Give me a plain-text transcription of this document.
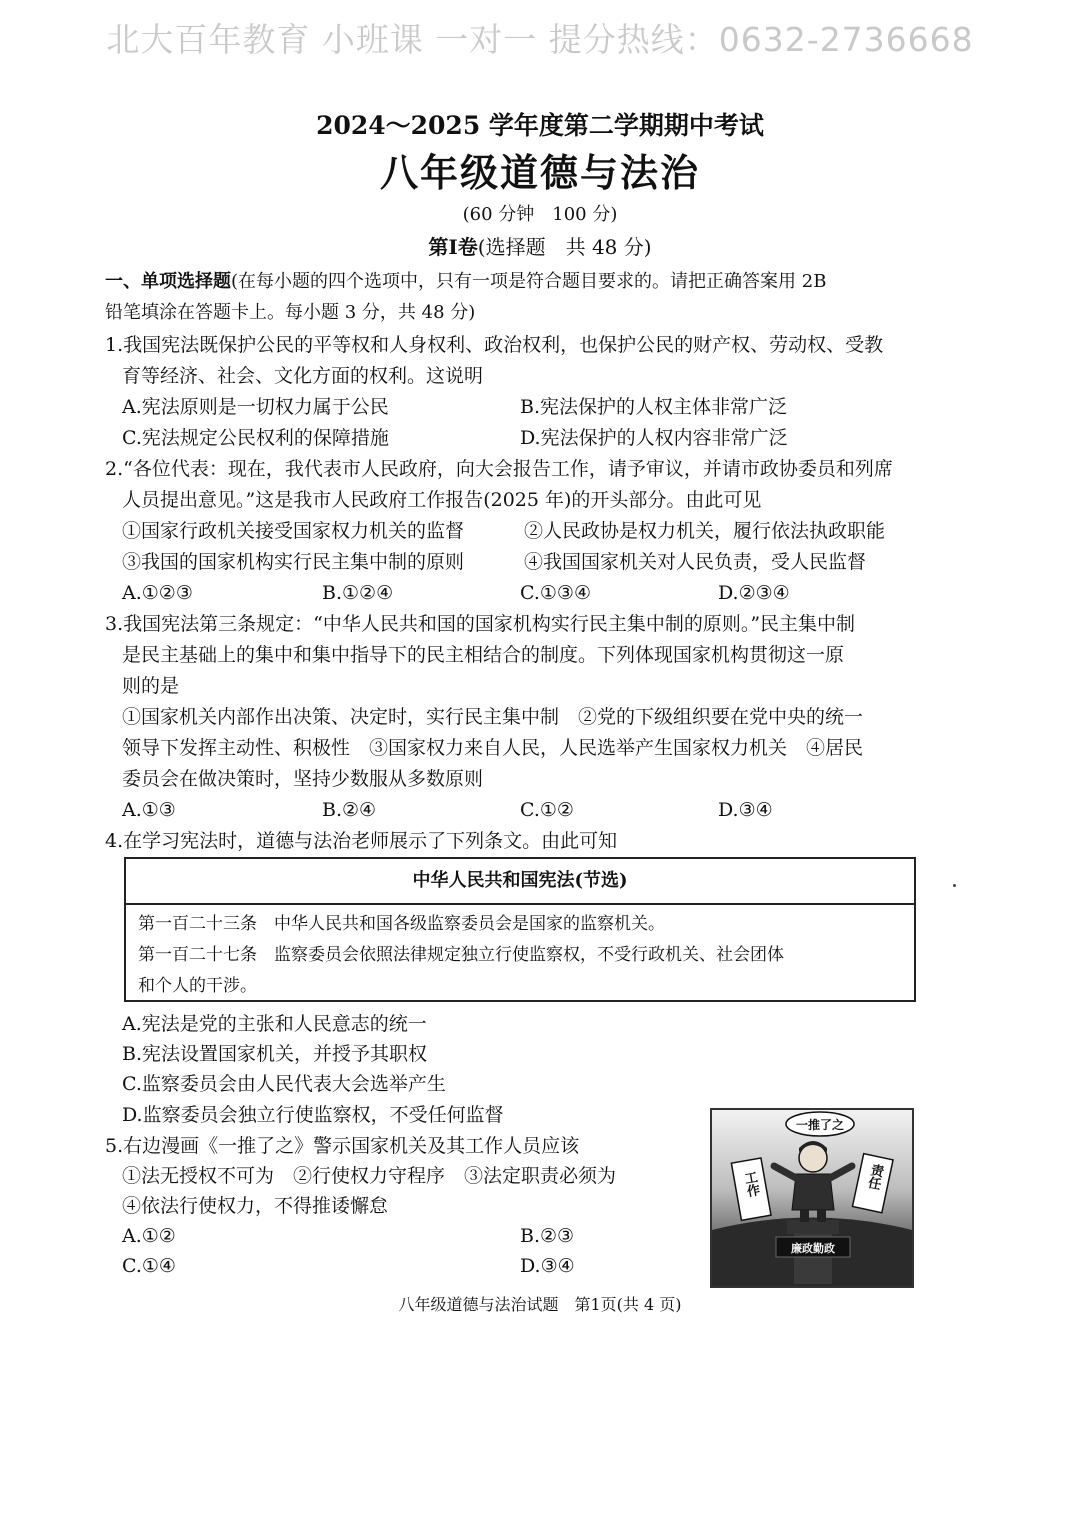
北大百年教育 小班课 一对一 提分热线：0632-2736668
2024～2025 学年度第二学期期中考试
八年级道德与法治
(60 分钟　100 分)
第Ⅰ卷(选择题　共 48 分)
一、单项选择题(在每小题的四个选项中，只有一项是符合题目要求的。请把正确答案用 2B
铅笔填涂在答题卡上。每小题 3 分，共 48 分)
1.我国宪法既保护公民的平等权和人身权利、政治权利，也保护公民的财产权、劳动权、受教
育等经济、社会、文化方面的权利。这说明
A.宪法原则是一切权力属于公民	B.宪法保护的人权主体非常广泛
C.宪法规定公民权利的保障措施	D.宪法保护的人权内容非常广泛
2.“各位代表：现在，我代表市人民政府，向大会报告工作，请予审议，并请市政协委员和列席
人员提出意见。”这是我市人民政府工作报告(2025 年)的开头部分。由此可见
①国家行政机关接受国家权力机关的监督	②人民政协是权力机关，履行依法执政职能
③我国的国家机构实行民主集中制的原则	④我国国家机关对人民负责，受人民监督
A.①②③	B.①②④	C.①③④	D.②③④
3.我国宪法第三条规定：“中华人民共和国的国家机构实行民主集中制的原则。”民主集中制
是民主基础上的集中和集中指导下的民主相结合的制度。下列体现国家机构贯彻这一原
则的是
①国家机关内部作出决策、决定时，实行民主集中制　②党的下级组织要在党中央的统一
领导下发挥主动性、积极性　③国家权力来自人民，人民选举产生国家权力机关　④居民
委员会在做决策时，坚持少数服从多数原则
A.①③	B.②④	C.①②	D.③④
4.在学习宪法时，道德与法治老师展示了下列条文。由此可知
中华人民共和国宪法(节选)
第一百二十三条　中华人民共和国各级监察委员会是国家的监察机关。
第一百二十七条　监察委员会依照法律规定独立行使监察权，不受行政机关、社会团体
和个人的干涉。
A.宪法是党的主张和人民意志的统一
B.宪法设置国家机关，并授予其职权
C.监察委员会由人民代表大会选举产生
D.监察委员会独立行使监察权，不受任何监督
5.右边漫画《一推了之》警示国家机关及其工作人员应该
①法无授权不可为　②行使权力守程序　③法定职责必须为
④依法行使权力，不得推诿懈怠
A.①②	B.②③
C.①④	D.③④
一推了之
廉政勤政
工作	责任
八年级道德与法治试题　第1页(共 4 页)
